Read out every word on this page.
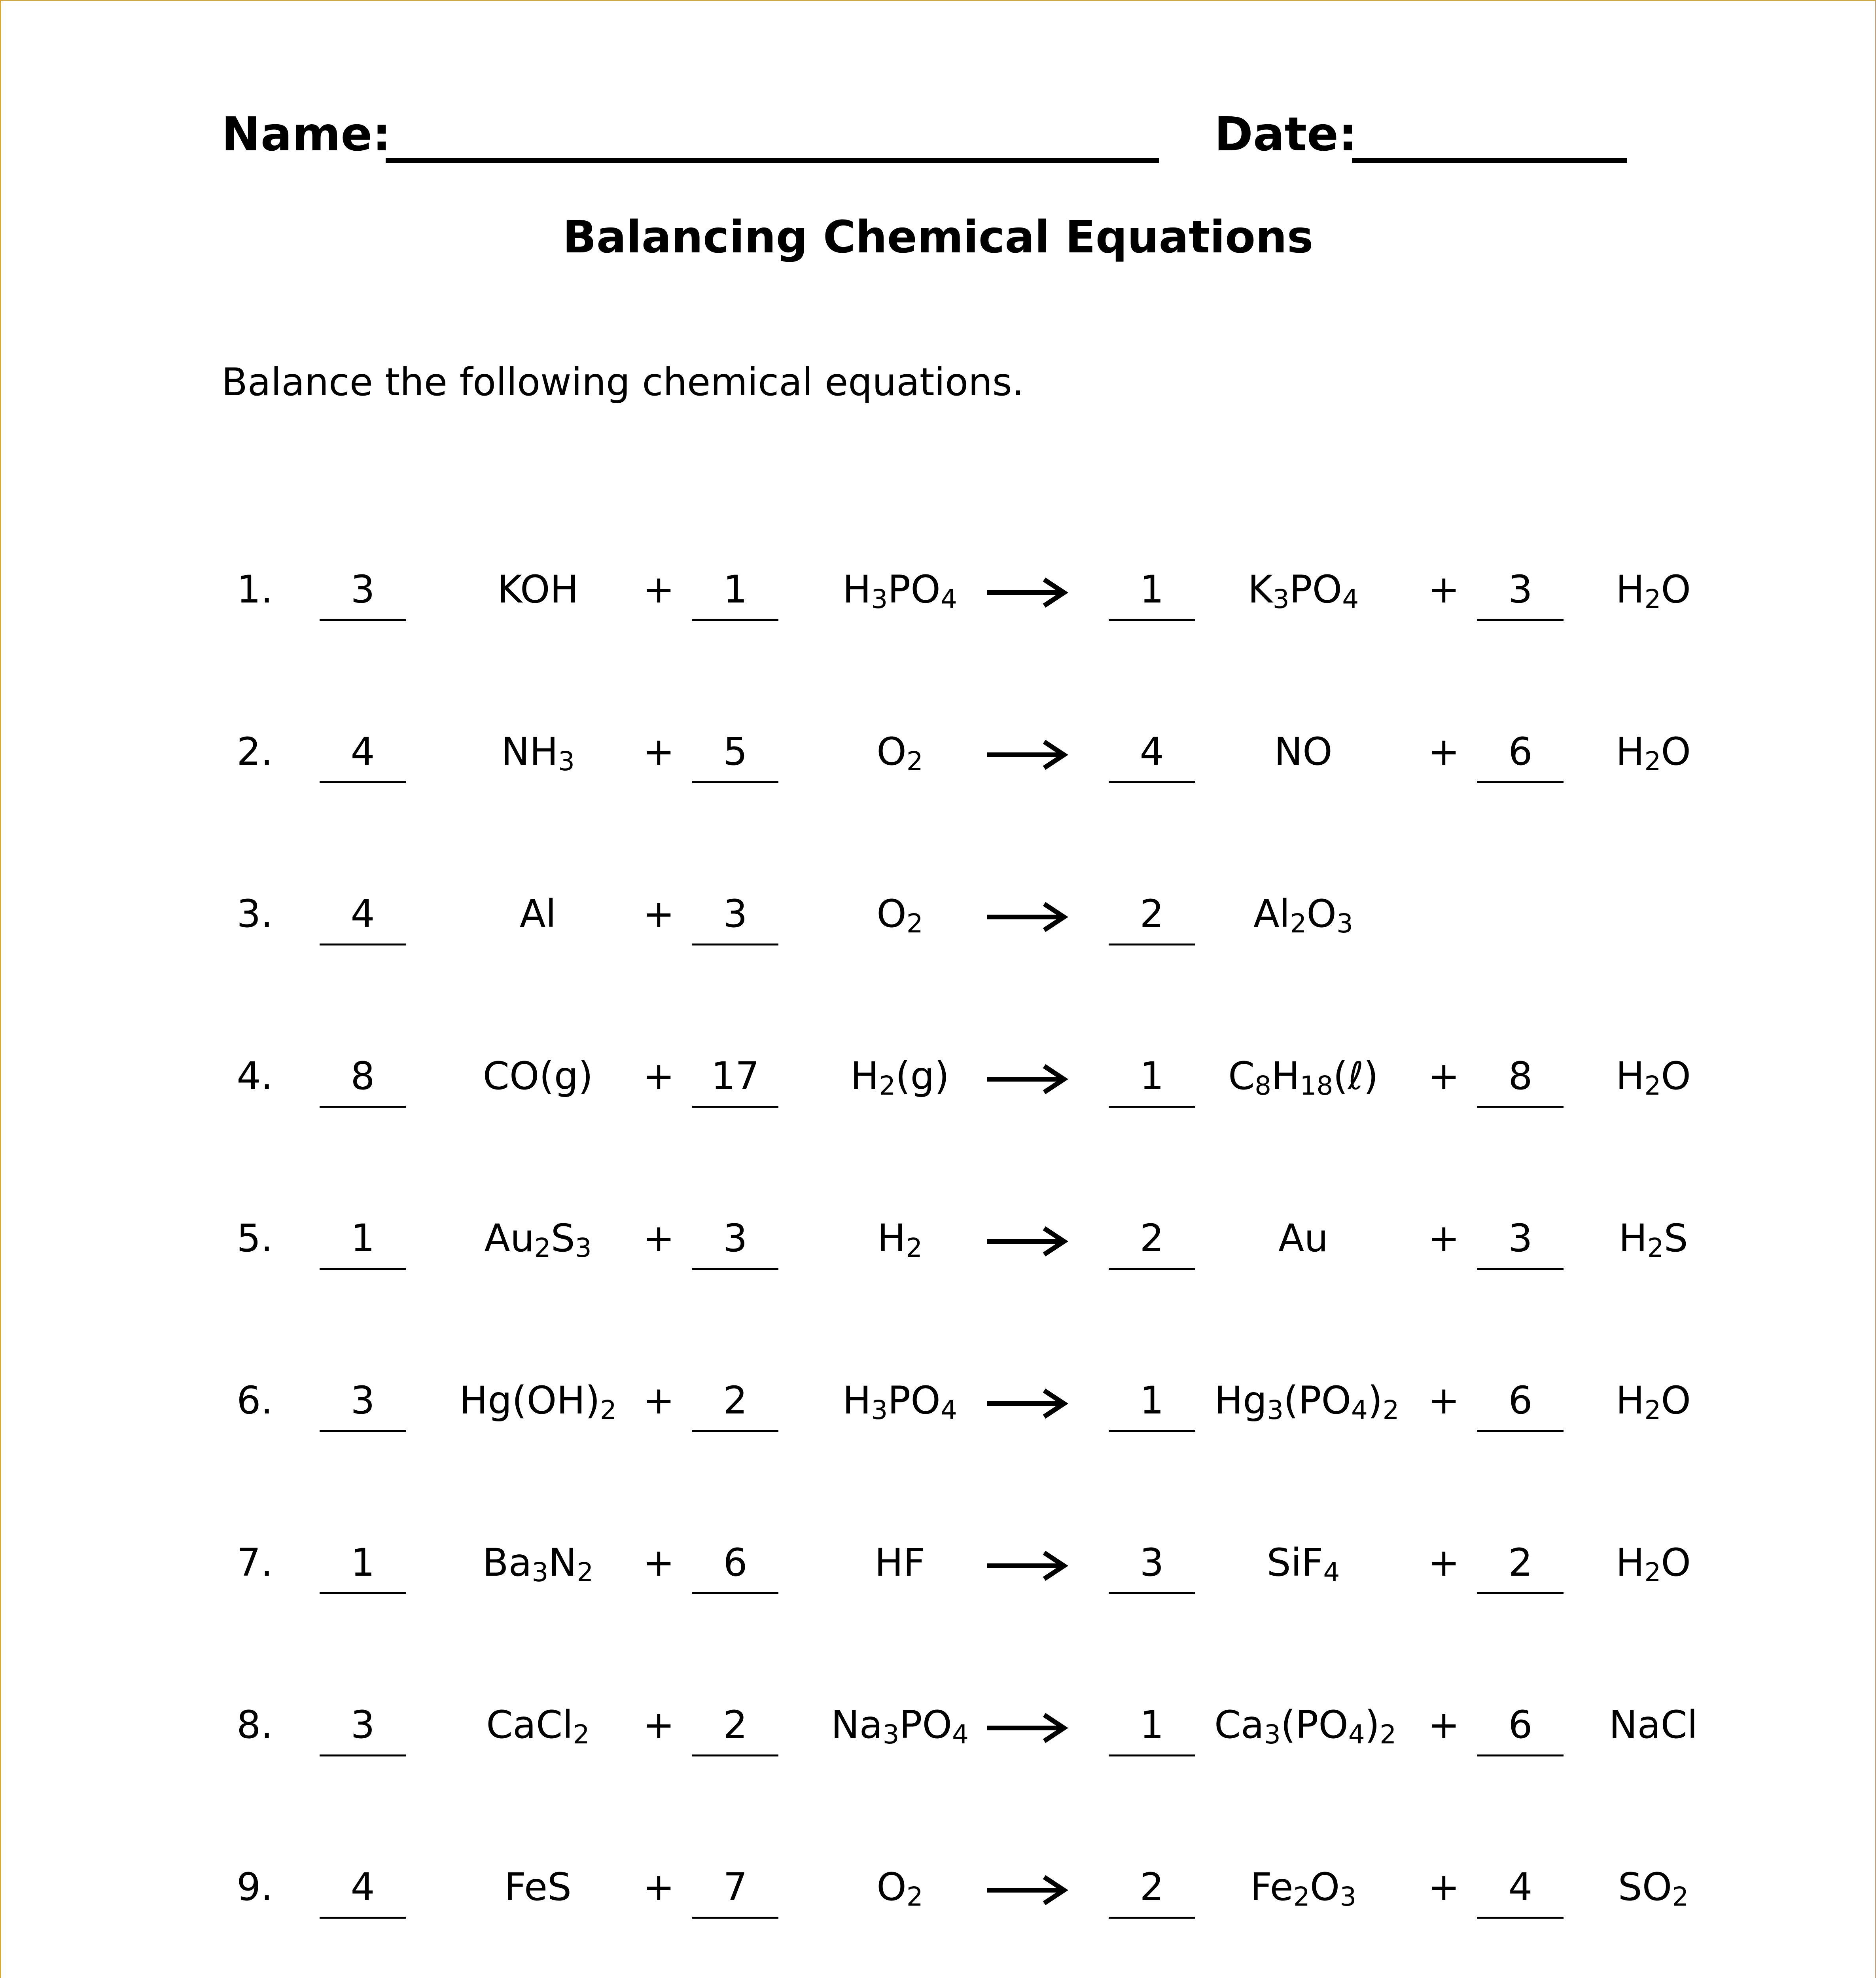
Name:	Date:
Balancing Chemical Equations
Balance the following chemical equations.
1.	3	KOH	+	1	$H_3PO_4$	1	$K_3PO_4$	+	3	$H_2O$
2.	4	$NH_3$	+	5	$O_2$	4	NO	+	6	$H_2O$
3.	4	Al	+	3	$O_2$	2	$Al_2O_3$
4.	8	CO(g)	+ 17	$H_2(g)$	1	$C_8H_{18}(\ell)$	+	8	$H_2O$
5.	1	$Au_2S_3$	+	3	$H_2$	2	Au	+	3	$H_2S$
6.	3	$Hg(OH)_2$ +	2	$H_3PO_4$	1	$Hg_3(PO_4)_2$ +	6	$H_2O$
7.	1	$Ba_3N_2$	+	6	HF	3	SiF$_4$	+	2	$H_2O$
8.	3	CaCl$_2$	+	2	$Na_3PO_4$	1	$Ca_3(PO_4)_2$ +	6	NaCl
9.	4	FeS	+	7	$O_2$	2	$Fe_2O_3$	+	4	$SO_2$
